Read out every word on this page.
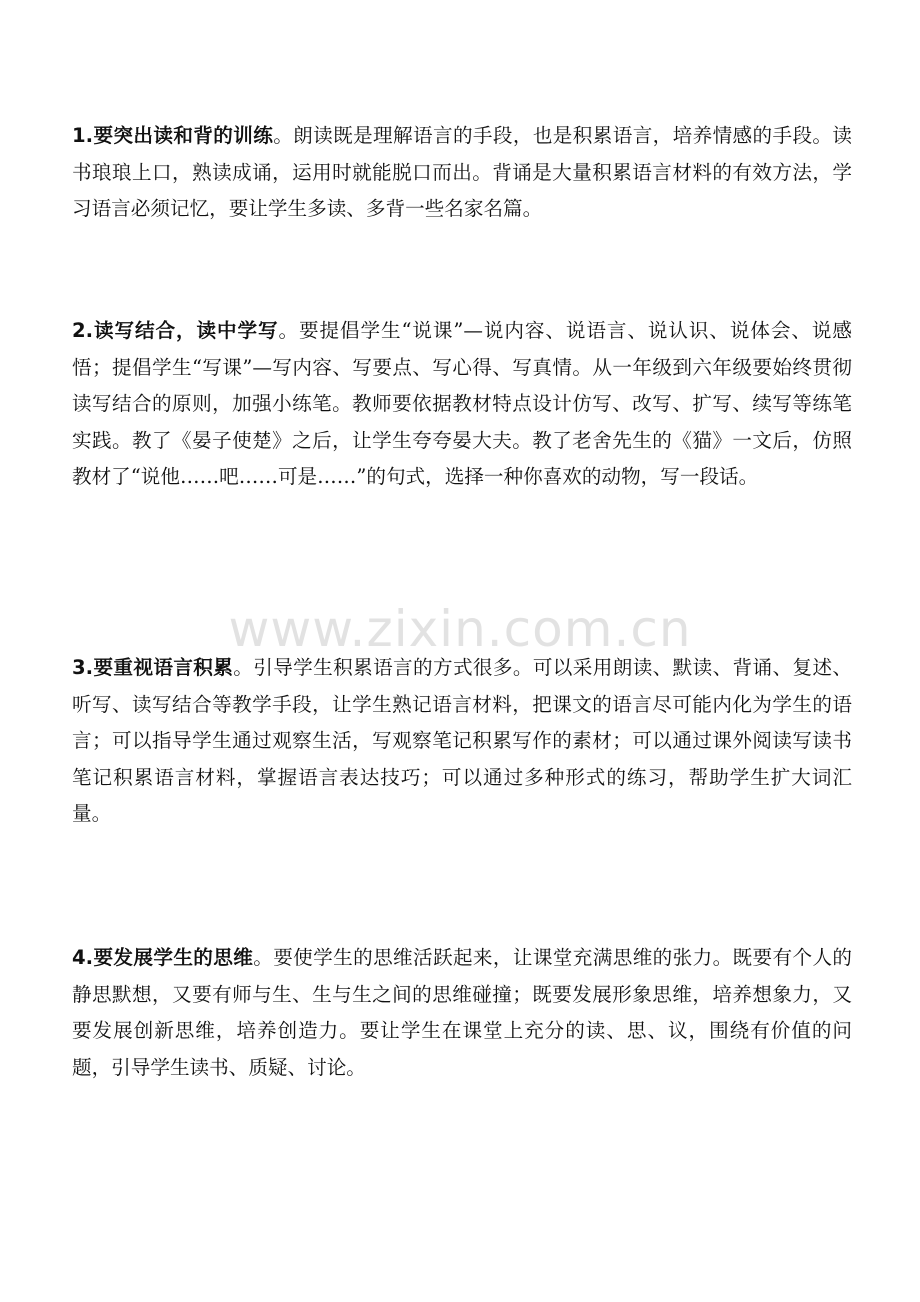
1.要突出读和背的训练。朗读既是理解语言的手段，也是积累语言，培养情感的手段。读书琅琅上口，熟读成诵，运用时就能脱口而出。背诵是大量积累语言材料的有效方法，学习语言必须记忆，要让学生多读、多背一些名家名篇。

2.读写结合，读中学写。要提倡学生“说课”—说内容、说语言、说认识、说体会、说感悟；提倡学生“写课”—写内容、写要点、写心得、写真情。从一年级到六年级要始终贯彻读写结合的原则，加强小练笔。教师要依据教材特点设计仿写、改写、扩写、续写等练笔实践。教了《晏子使楚》之后，让学生夸夸晏大夫。教了老舍先生的《猫》一文后，仿照教材了“说他……吧……可是……”的句式，选择一种你喜欢的动物，写一段话。

3.要重视语言积累。引导学生积累语言的方式很多。可以采用朗读、默读、背诵、复述、听写、读写结合等教学手段，让学生熟记语言材料，把课文的语言尽可能内化为学生的语言；可以指导学生通过观察生活，写观察笔记积累写作的素材；可以通过课外阅读写读书笔记积累语言材料，掌握语言表达技巧；可以通过多种形式的练习，帮助学生扩大词汇量。

4.要发展学生的思维。要使学生的思维活跃起来，让课堂充满思维的张力。既要有个人的静思默想，又要有师与生、生与生之间的思维碰撞；既要发展形象思维，培养想象力，又要发展创新思维，培养创造力。要让学生在课堂上充分的读、思、议，围绕有价值的问题，引导学生读书、质疑、讨论。

www.zixin.com.cn
